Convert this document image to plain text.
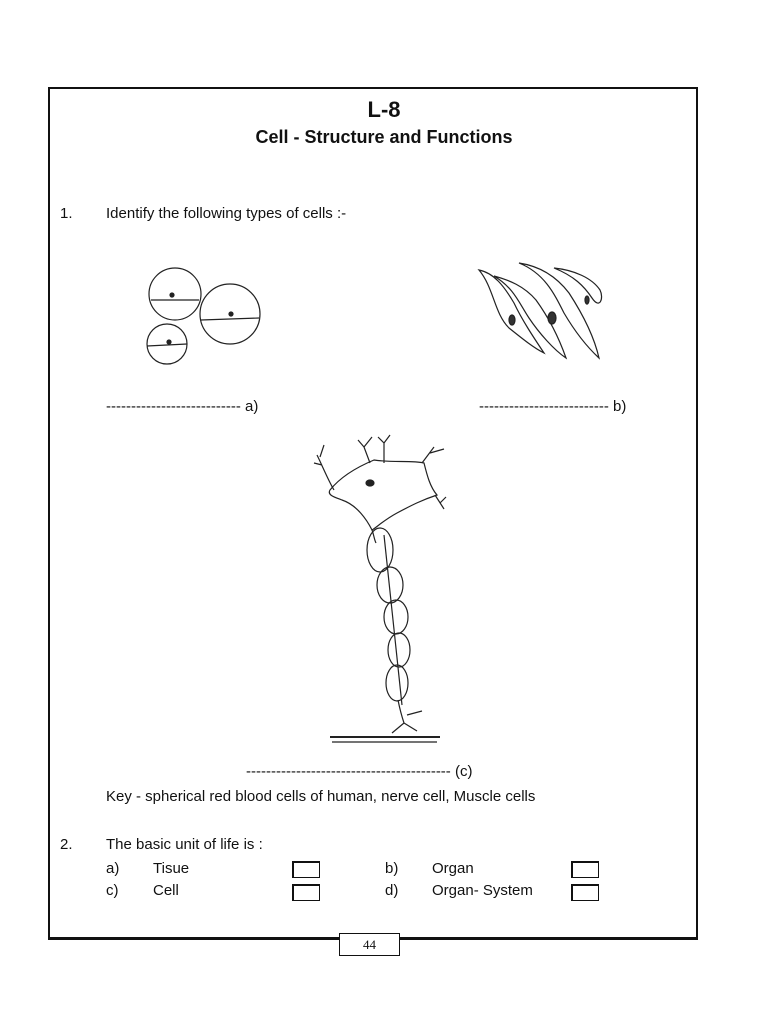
L-8
Cell - Structure and Functions
1. Identify the following types of cells :-
--------------------------- a)	-------------------------- b)
----------------------------------------- (c)
Key - spherical red blood cells of human, nerve cell, Muscle cells
2. The basic unit of life is :
a) Tisue	b) Organ
c) Cell	d) Organ- System
44
